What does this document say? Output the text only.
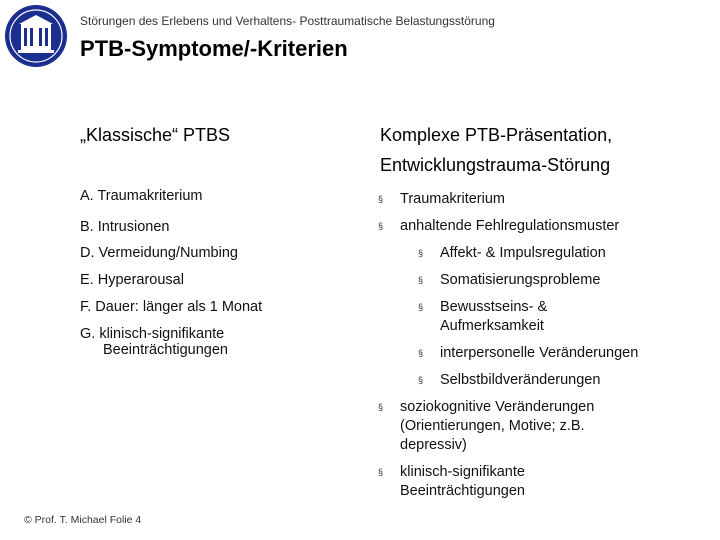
Störungen des Erlebens und Verhaltens- Posttraumatische Belastungsstörung
PTB-Symptome/-Kriterien
„Klassische“ PTBS	Komplexe PTB-Präsentation,
Entwicklungstrauma-Störung
A. Traumakriterium
B. Intrusionen
D. Vermeidung/Numbing
E. Hyperarousal
F. Dauer: länger als 1 Monat
G. klinisch-signifikante
Beeinträchtigungen
§	Traumakriterium
§	anhaltende Fehlregulationsmuster
§	Affekt- & Impulsregulation
§	Somatisierungsprobleme
§	Bewusstseins- &
Aufmerksamkeit
§	interpersonelle Veränderungen
§	Selbstbildveränderungen
§	soziokognitive Veränderungen
(Orientierungen, Motive; z.B.
depressiv)
§	klinisch-signifikante
Beeinträchtigungen
© Prof. T. Michael Folie 4
